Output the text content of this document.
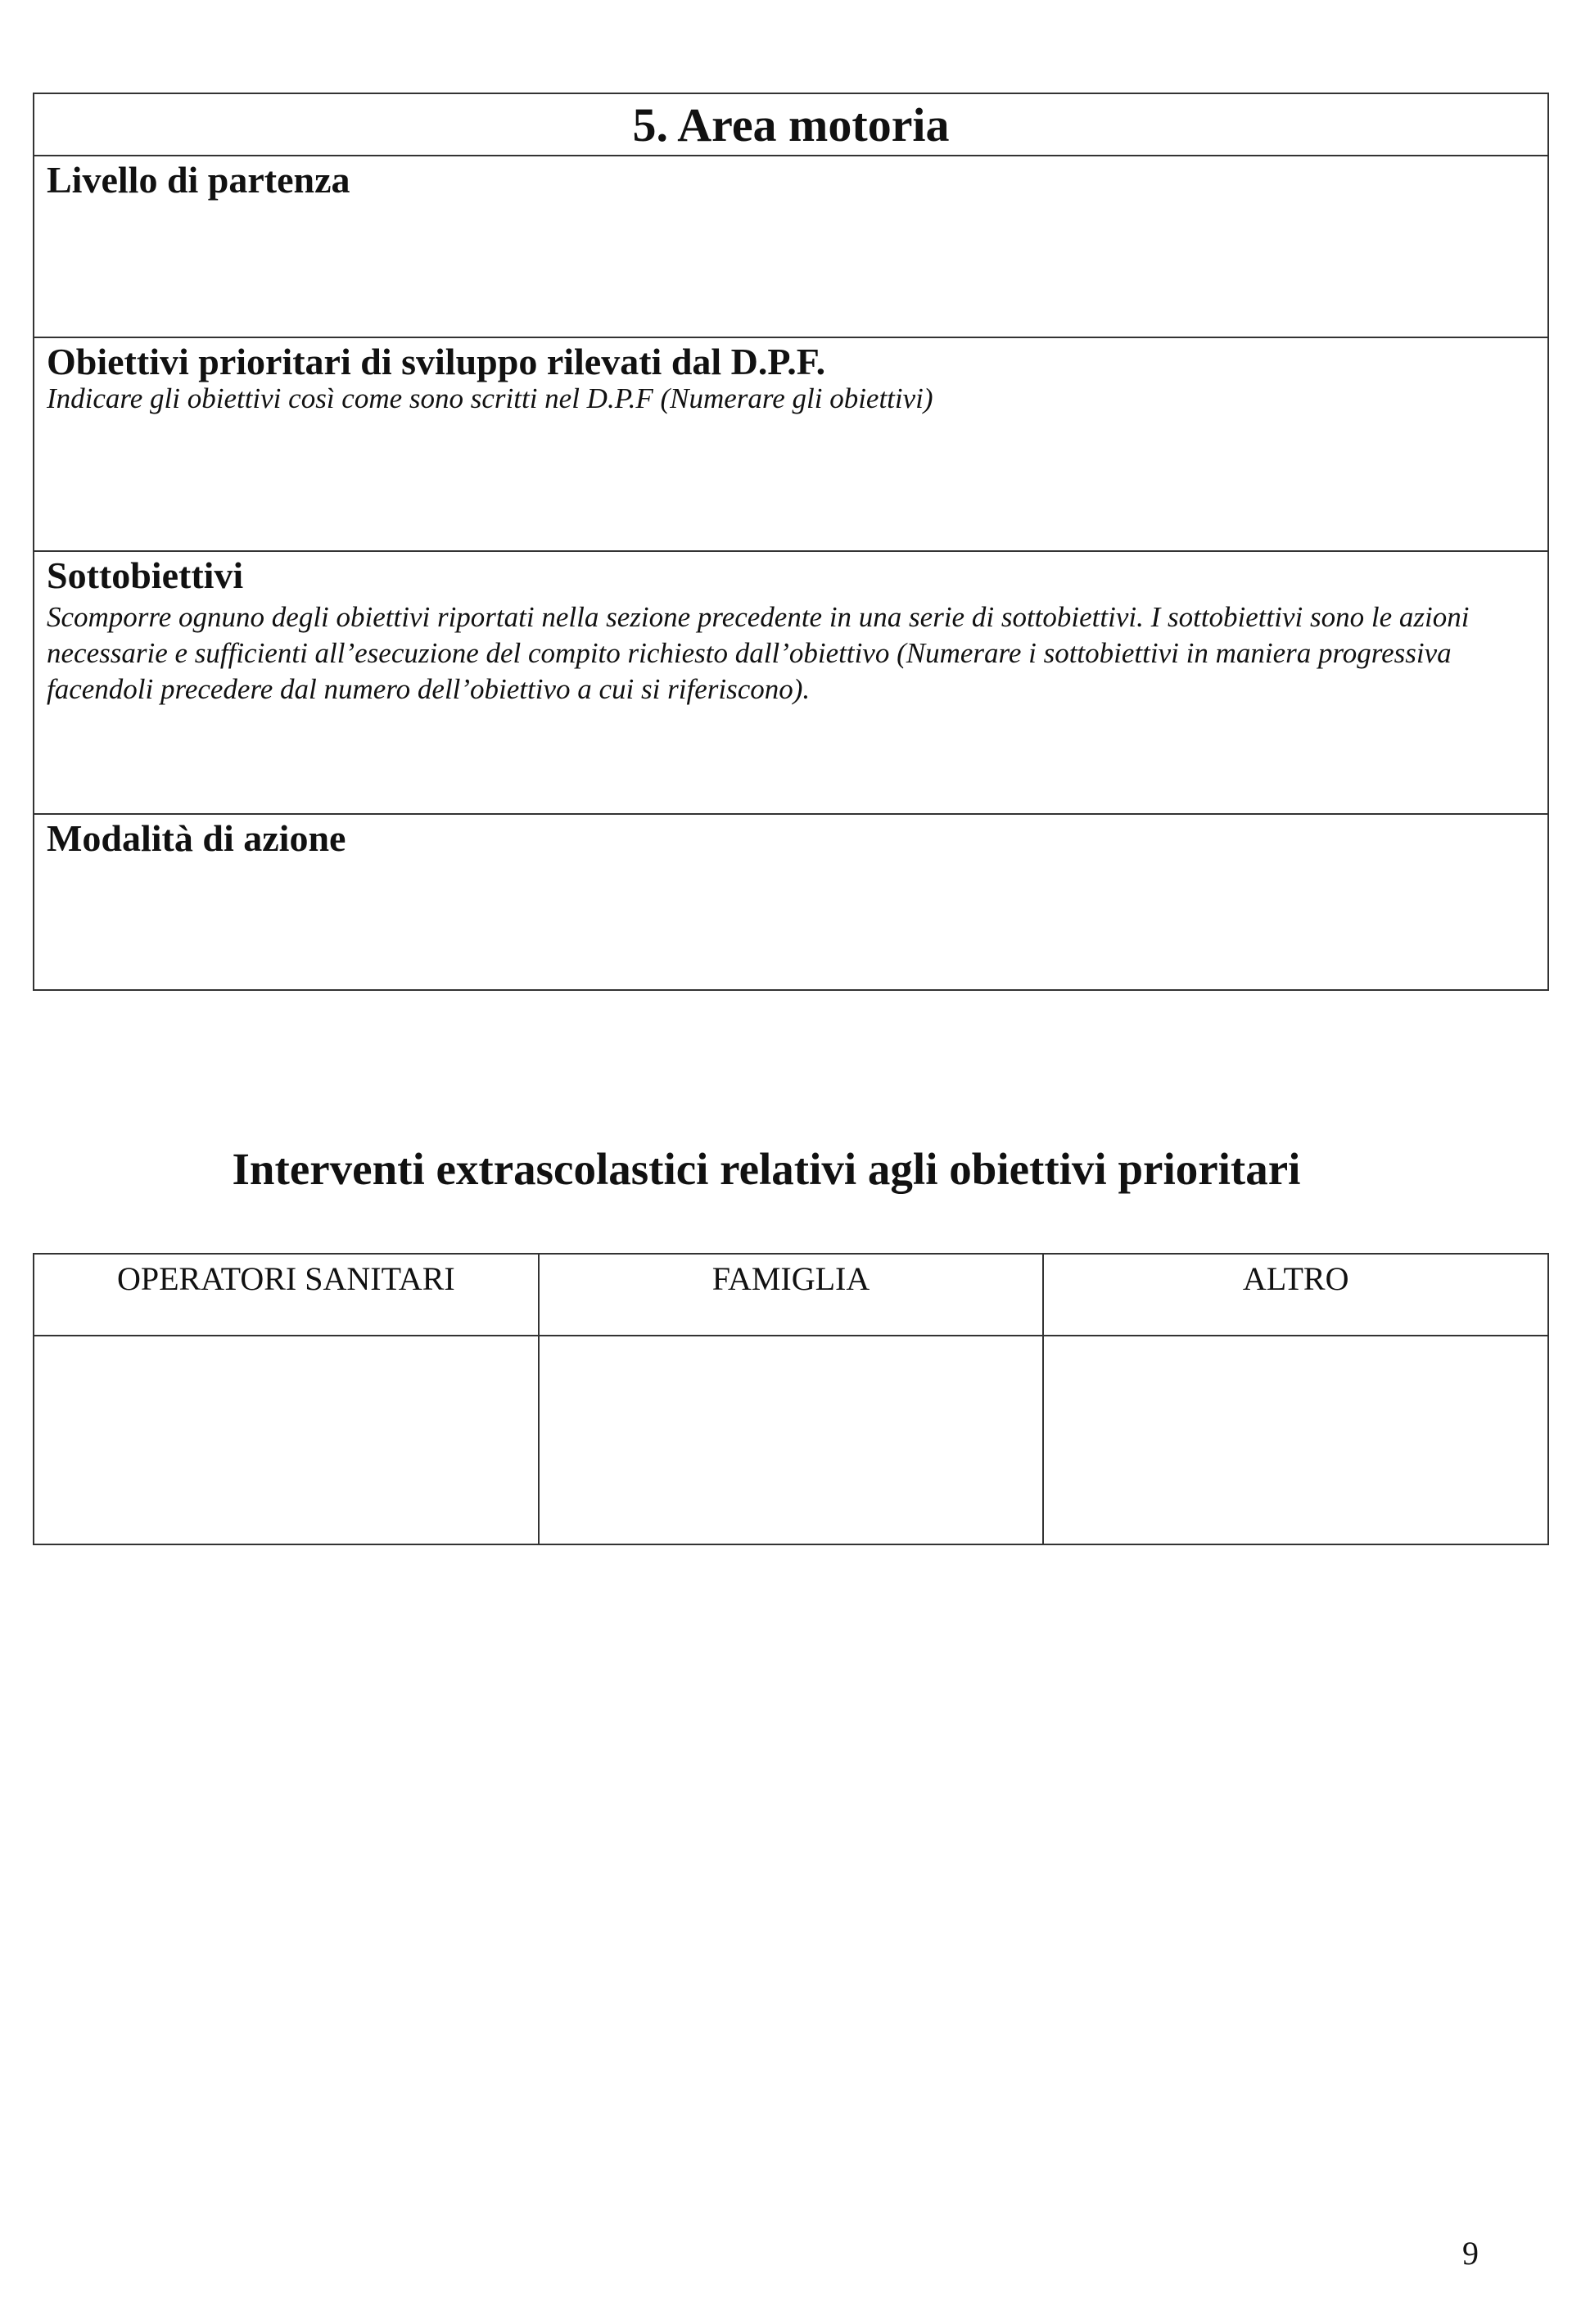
5. Area motoria
Livello di partenza
Obiettivi prioritari di sviluppo rilevati dal D.P.F.
Indicare gli obiettivi così come sono scritti nel D.P.F (Numerare gli obiettivi)
Sottobiettivi
Scomporre ognuno degli obiettivi riportati nella sezione precedente in una serie di sottobiettivi. I sottobiettivi sono le azioni necessarie e sufficienti all’esecuzione del compito richiesto dall’obiettivo (Numerare i sottobiettivi in maniera progressiva facendoli precedere dal numero dell’obiettivo a cui si riferiscono).
Modalità di azione
Interventi extrascolastici relativi agli obiettivi prioritari
OPERATORI SANITARI	FAMIGLIA	ALTRO

9
